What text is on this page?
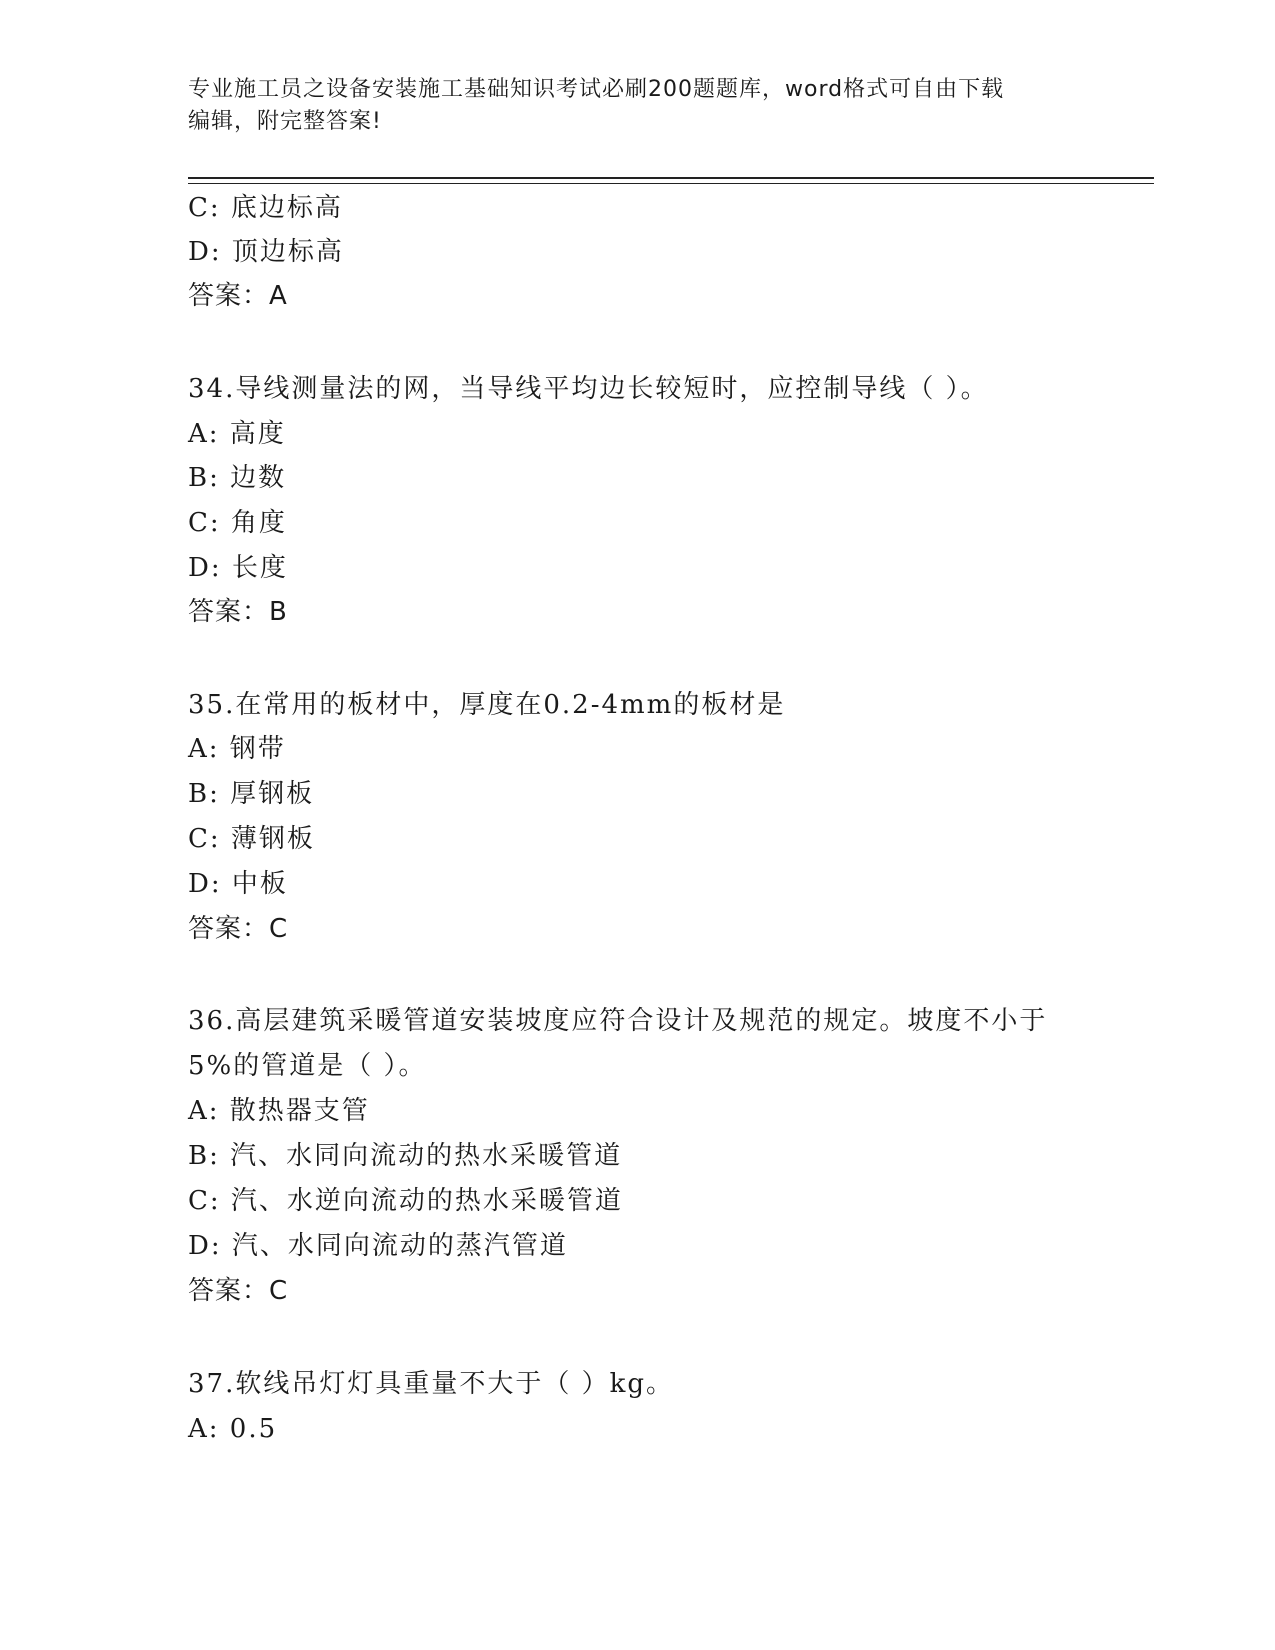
专业施工员之设备安装施工基础知识考试必刷200题题库，word格式可自由下载
编辑，附完整答案!
C: 底边标高
D: 顶边标高
答案：A
34.导线测量法的网，当导线平均边长较短时，应控制导线（ ）。
A: 高度
B: 边数
C: 角度
D: 长度
答案：B
35.在常用的板材中，厚度在0.2-4mm的板材是
A: 钢带
B: 厚钢板
C: 薄钢板
D: 中板
答案：C
36.高层建筑采暖管道安装坡度应符合设计及规范的规定。坡度不小于
5%的管道是（ ）。
A: 散热器支管
B: 汽、水同向流动的热水采暖管道
C: 汽、水逆向流动的热水采暖管道
D: 汽、水同向流动的蒸汽管道
答案：C
37.软线吊灯灯具重量不大于（ ）kg。
A: 0.5
